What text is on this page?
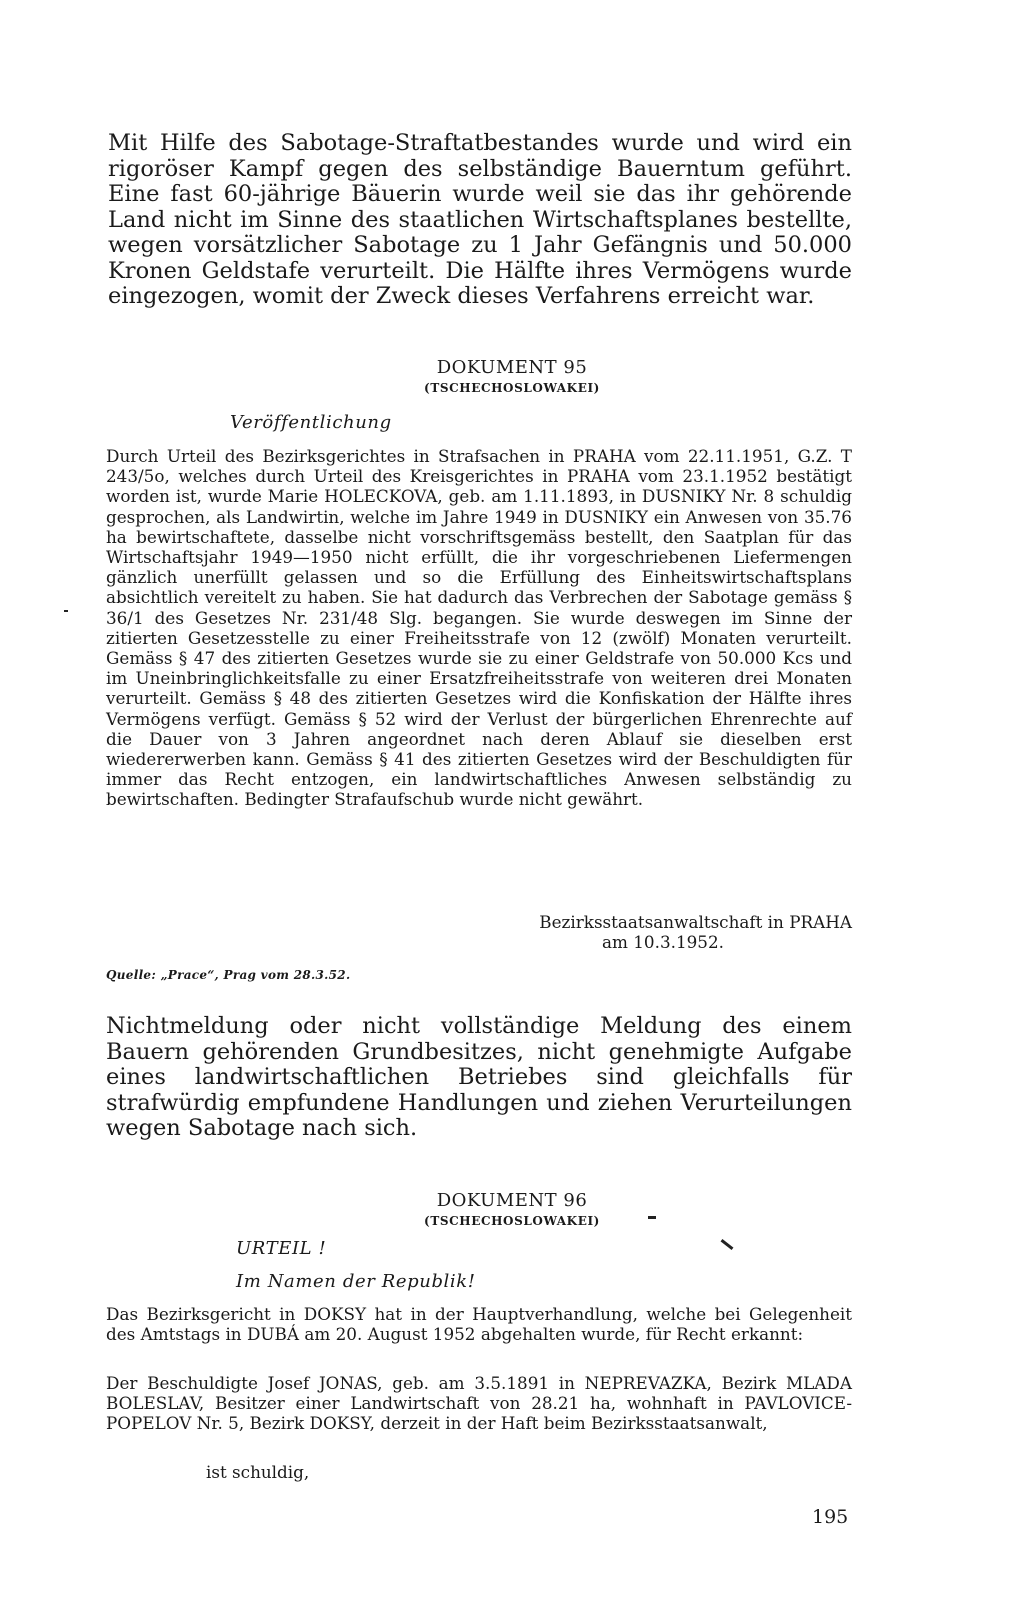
Mit Hilfe des Sabotage-Straftatbestandes wurde und wird ein rigoröser Kampf gegen des selbständige Bauerntum geführt. Eine fast 60-jährige Bäuerin wurde weil sie das ihr gehörende Land nicht im Sinne des staatlichen Wirtschaftsplanes bestellte, wegen vorsätzlicher Sabotage zu 1 Jahr Gefängnis und 50.000 Kronen Geldstafe verurteilt. Die Hälfte ihres Vermögens wurde eingezogen, womit der Zweck dieses Verfahrens erreicht war.

DOKUMENT 95
(TSCHECHOSLOWAKEI)
Veröffentlichung

Durch Urteil des Bezirksgerichtes in Strafsachen in PRAHA vom 22.11.1951, G.Z. T 243/5o, welches durch Urteil des Kreisgerichtes in PRAHA vom 23.1.1952 bestätigt worden ist, wurde Marie HOLECKOVA, geb. am 1.11.1893, in DUSNIKY Nr. 8 schuldig gesprochen, als Landwirtin, welche im Jahre 1949 in DUSNIKY ein Anwesen von 35.76 ha bewirtschaftete, dasselbe nicht vorschriftsgemäss bestellt, den Saatplan für das Wirtschaftsjahr 1949—1950 nicht erfüllt, die ihr vorgeschriebenen Liefermengen gänzlich unerfüllt gelassen und so die Erfüllung des Einheitswirtschaftsplans absichtlich vereitelt zu haben. Sie hat dadurch das Verbrechen der Sabotage gemäss § 36/1 des Gesetzes Nr. 231/48 Slg. begangen. Sie wurde deswegen im Sinne der zitierten Gesetzesstelle zu einer Freiheitsstrafe von 12 (zwölf) Monaten verurteilt. Gemäss § 47 des zitierten Gesetzes wurde sie zu einer Geldstrafe von 50.000 Kcs und im Uneinbringlichkeitsfalle zu einer Ersatzfreiheitsstrafe von weiteren drei Monaten verurteilt. Gemäss § 48 des zitierten Gesetzes wird die Konfiskation der Hälfte ihres Vermögens verfügt. Gemäss § 52 wird der Verlust der bürgerlichen Ehrenrechte auf die Dauer von 3 Jahren angeordnet nach deren Ablauf sie dieselben erst wiedererwerben kann. Gemäss § 41 des zitierten Gesetzes wird der Beschuldigten für immer das Recht entzogen, ein landwirtschaftliches Anwesen selbständig zu bewirtschaften. Bedingter Strafaufschub wurde nicht gewährt.

Bezirksstaatsanwaltschaft in PRAHA
am 10.3.1952.
Quelle: „Prace“, Prag vom 28.3.52.

Nichtmeldung oder nicht vollständige Meldung des einem Bauern gehörenden Grundbesitzes, nicht genehmigte Aufgabe eines landwirtschaftlichen Betriebes sind gleichfalls für strafwürdig empfundene Handlungen und ziehen Verurteilungen wegen Sabotage nach sich.

DOKUMENT 96
(TSCHECHOSLOWAKEI)
URTEIL !
Im Namen der Republik!

Das Bezirksgericht in DOKSY hat in der Hauptverhandlung, welche bei Gelegenheit des Amtstags in DUBÁ am 20. August 1952 abgehalten wurde, für Recht erkannt:

Der Beschuldigte Josef JONAS, geb. am 3.5.1891 in NEPREVAZKA, Bezirk MLADA BOLESLAV, Besitzer einer Landwirtschaft von 28.21 ha, wohnhaft in PAVLOVICE-POPELOV Nr. 5, Bezirk DOKSY, derzeit in der Haft beim Bezirksstaatsanwalt,

ist schuldig,

195
